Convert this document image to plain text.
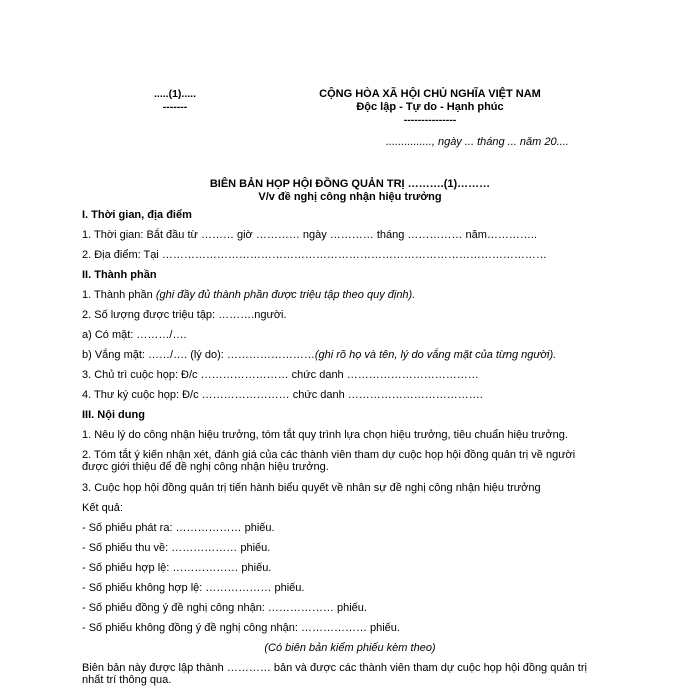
.....(1).....
-------
CỘNG HÒA XÃ HỘI CHỦ NGHĨA VIỆT NAM
Độc lập - Tự do - Hạnh phúc
---------------
..............., ngày ... tháng ... năm 20....
BIÊN BẢN HỌP HỘI ĐỒNG QUẢN TRỊ ……….(1)………
V/v đề nghị công nhận hiệu trưởng
I. Thời gian, địa điểm
1. Thời gian: Bắt đầu từ ……… giờ ………… ngày ………… tháng …………… năm…………..
2. Địa điểm: Tại ……………………………………………………………………………………………
II. Thành phần
1. Thành phần (ghi đầy đủ thành phần được triệu tập theo quy định).
2. Số lượng được triệu tập: ……….người.
a) Có mặt: ………/….
b) Vắng mặt: ……/…. (lý do): ……………………(ghi rõ họ và tên, lý do vắng mặt của từng người).
3. Chủ trì cuộc họp: Đ/c …………………… chức danh ………………………………
4. Thư ký cuộc họp: Đ/c …………………… chức danh ……………………………….
III. Nội dung
1. Nêu lý do công nhận hiệu trưởng, tóm tắt quy trình lựa chọn hiệu trưởng, tiêu chuẩn hiệu trưởng.
2. Tóm tắt ý kiến nhận xét, đánh giá của các thành viên tham dự cuộc họp hội đồng quản trị về người
được giới thiệu để đề nghị công nhận hiệu trưởng.
3. Cuộc họp hội đồng quản trị tiến hành biểu quyết về nhân sự đề nghị công nhận hiệu trưởng
Kết quả:
- Số phiếu phát ra: ……………… phiếu.
- Số phiếu thu về: ……………… phiếu.
- Số phiếu hợp lệ: ……………… phiếu.
- Số phiếu không hợp lệ: ……………… phiếu.
- Số phiếu đồng ý đề nghị công nhận: ……………… phiếu.
- Số phiếu không đồng ý đề nghị công nhận: ……………… phiếu.
(Có biên bản kiểm phiếu kèm theo)
Biên bản này được lập thành ………… bản và được các thành viên tham dự cuộc họp hội đồng quản trị
nhất trí thông qua.
